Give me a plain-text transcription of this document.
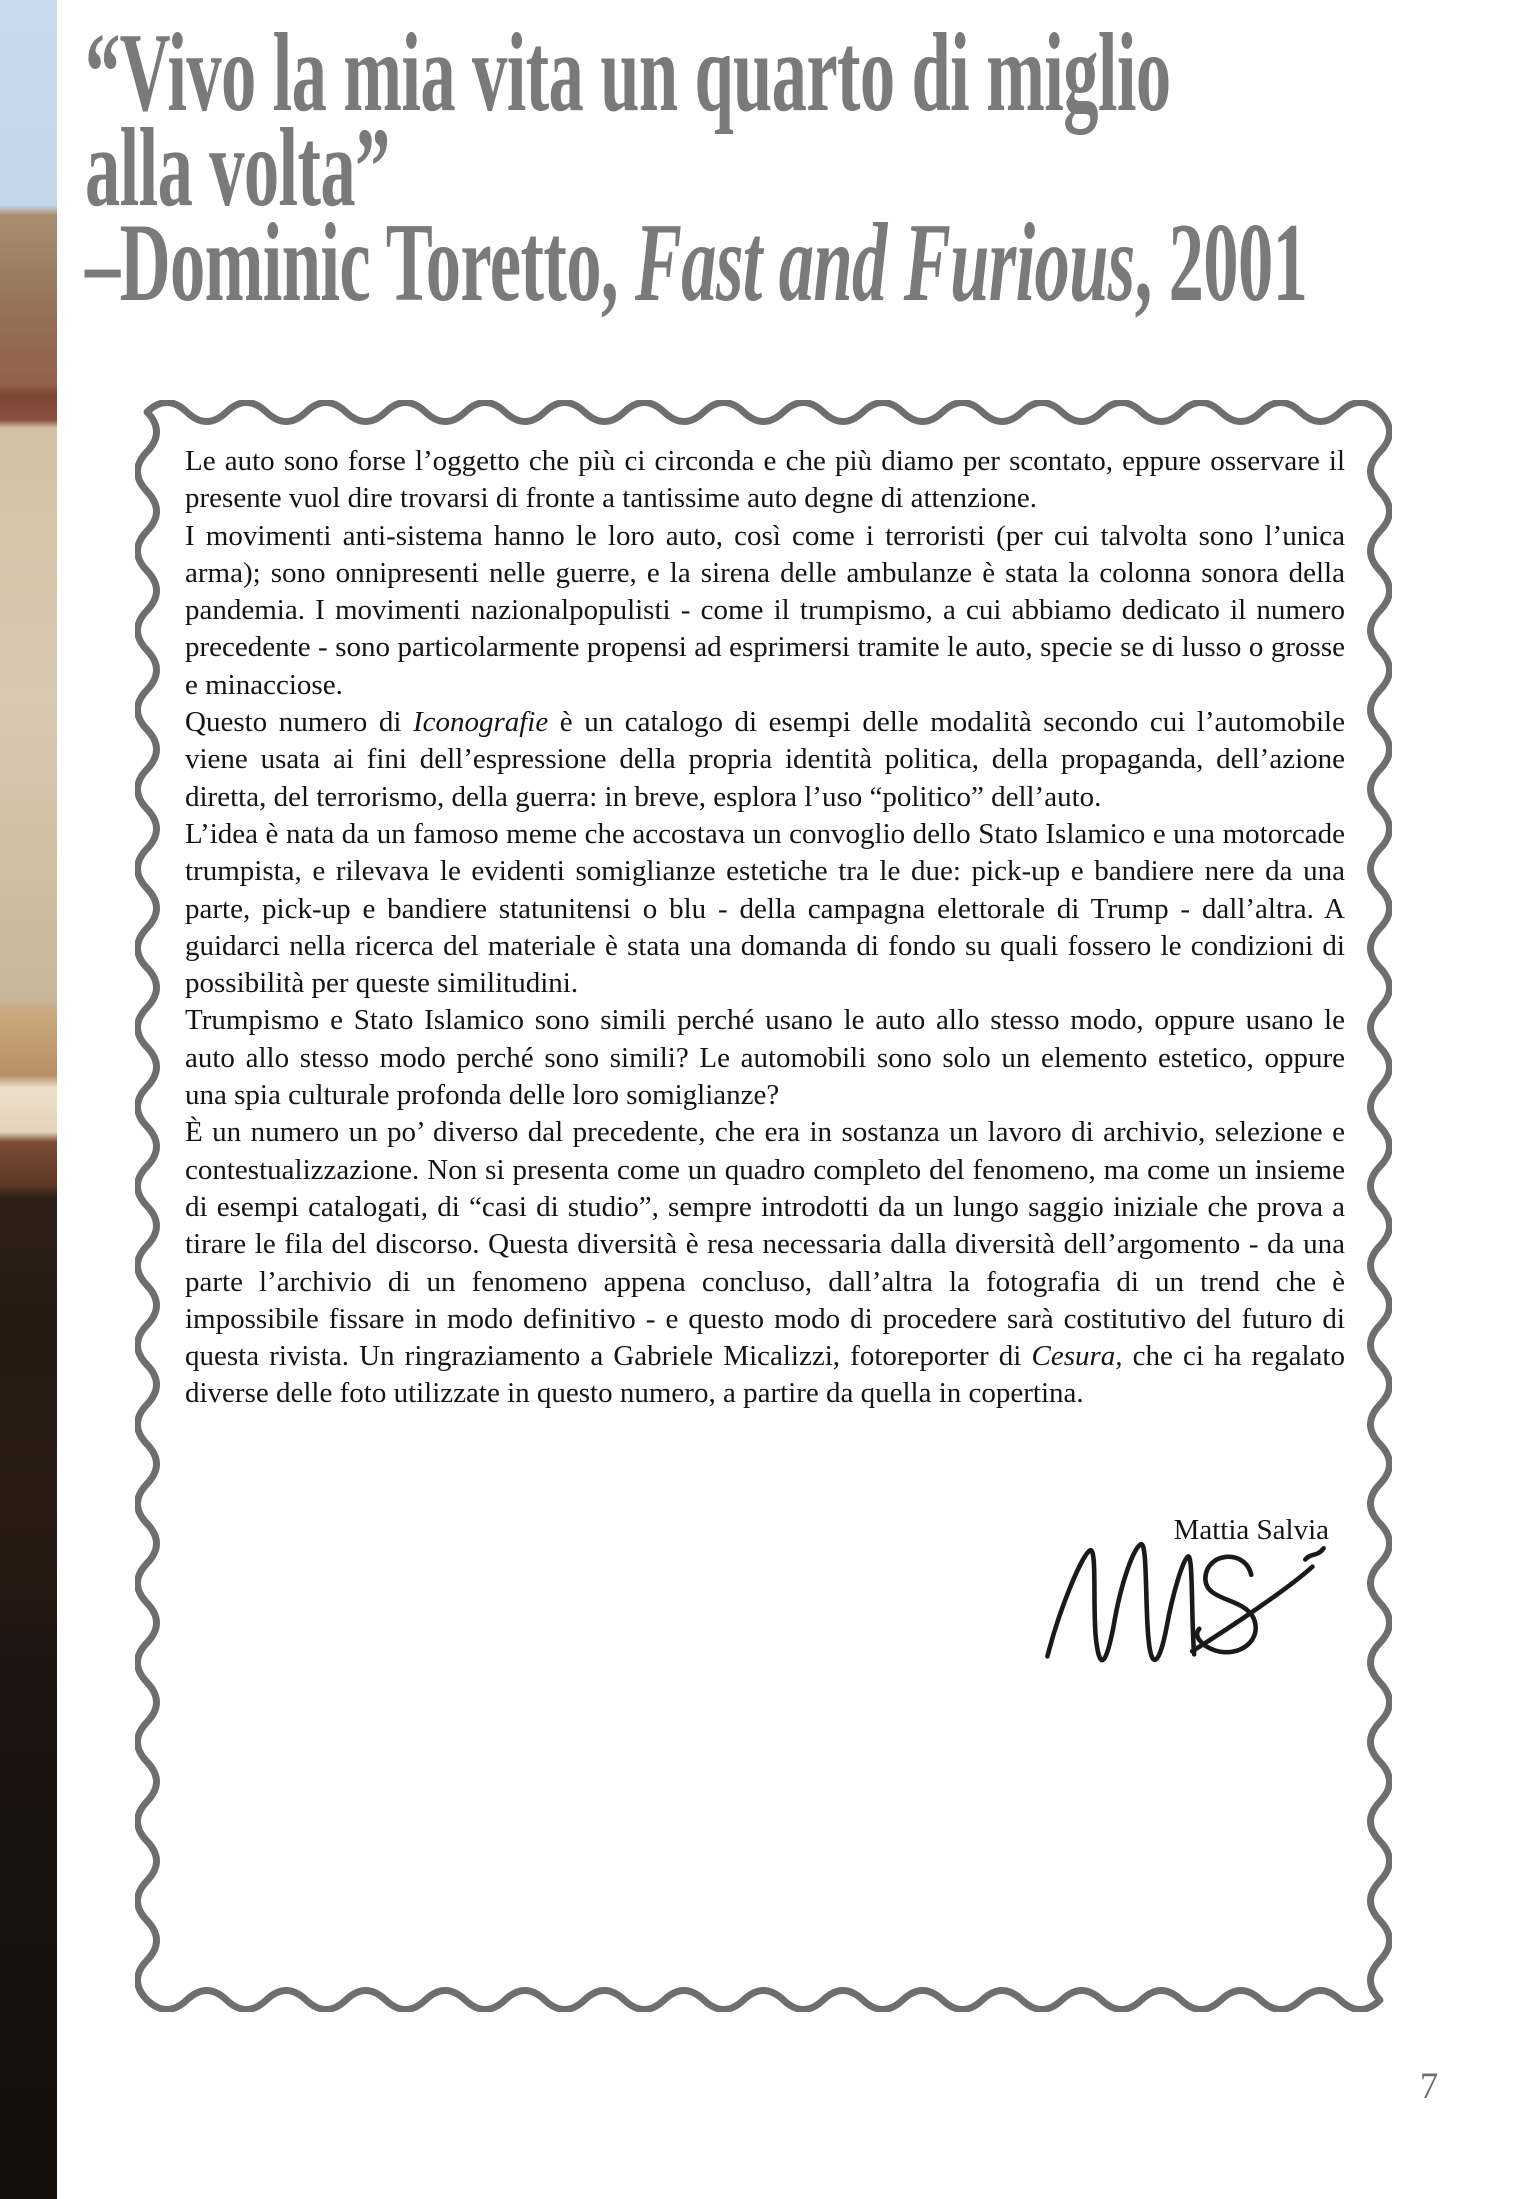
“Vivo la mia vita un quarto di miglio
alla volta”
–Dominic Toretto, Fast and Furious, 2001

Le auto sono forse l’oggetto che più ci circonda e che più diamo per scontato, eppure osservare il presente vuol dire trovarsi di fronte a tantissime auto degne di attenzione.

I movimenti anti-sistema hanno le loro auto, così come i terroristi (per cui talvolta sono l’unica arma); sono onnipresenti nelle guerre, e la sirena delle ambulanze è stata la colonna sonora della pandemia. I movimenti nazionalpopulisti - come il trumpismo, a cui abbiamo dedicato il numero precedente - sono particolarmente propensi ad esprimersi tramite le auto, specie se di lusso o grosse e minacciose.

Questo numero di Iconografie è un catalogo di esempi delle modalità secondo cui l’automobile viene usata ai fini dell’espressione della propria identità politica, della propaganda, dell’azione diretta, del terrorismo, della guerra: in breve, esplora l’uso “politico” dell’auto.

L’idea è nata da un famoso meme che accostava un convoglio dello Stato Islamico e una motorcade trumpista, e rilevava le evidenti somiglianze estetiche tra le due: pick-up e bandiere nere da una parte, pick-up e bandiere statunitensi o blu - della campagna elettorale di Trump - dall’altra. A guidarci nella ricerca del materiale è stata una domanda di fondo su quali fossero le condizioni di possibilità per queste similitudini.

Trumpismo e Stato Islamico sono simili perché usano le auto allo stesso modo, oppure usano le auto allo stesso modo perché sono simili? Le automobili sono solo un elemento estetico, oppure una spia culturale profonda delle loro somiglianze?

È un numero un po’ diverso dal precedente, che era in sostanza un lavoro di archivio, selezione e contestualizzazione. Non si presenta come un quadro completo del fenomeno, ma come un insieme di esempi catalogati, di “casi di studio”, sempre introdotti da un lungo saggio iniziale che prova a tirare le fila del discorso. Questa diversità è resa necessaria dalla diversità dell’argomento - da una parte l’archivio di un fenomeno appena concluso, dall’altra la fotografia di un trend che è impossibile fissare in modo definitivo - e questo modo di procedere sarà costitutivo del futuro di questa rivista. Un ringraziamento a Gabriele Micalizzi, fotoreporter di Cesura, che ci ha regalato diverse delle foto utilizzate in questo numero, a partire da quella in copertina.

Mattia Salvia
7
